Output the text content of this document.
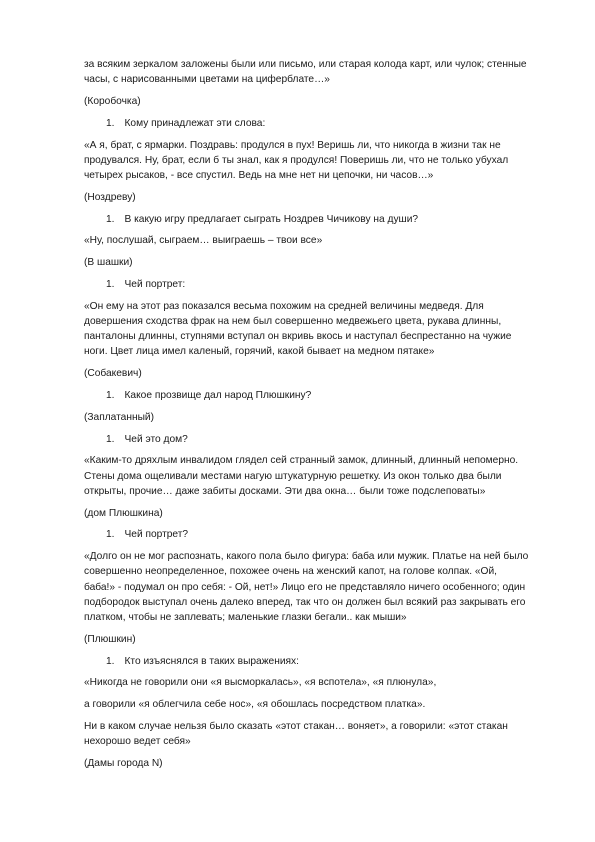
за всяким зеркалом заложены были или письмо, или старая колода карт, или чулок; стенные
часы, с нарисованными цветами на циферблате…»
(Коробочка)
1. Кому принадлежат эти слова:
«А я, брат, с ярмарки. Поздравь: продулся в пух! Веришь ли, что никогда в жизни так не
продувался. Ну, брат, если б ты знал, как я продулся! Поверишь ли, что не только убухал
четырех рысаков, - все спустил. Ведь на мне нет ни цепочки, ни часов…»
(Ноздреву)
1. В какую игру предлагает сыграть Ноздрев Чичикову на души?
«Ну, послушай, сыграем… выиграешь – твои все»
(В шашки)
1. Чей портрет:
«Он ему на этот раз показался весьма похожим на средней величины медведя. Для
довершения сходства фрак на нем был совершенно медвежьего цвета, рукава длинны,
панталоны длинны, ступнями вступал он вкривь вкось и наступал беспрестанно на чужие
ноги. Цвет лица имел каленый, горячий, какой бывает на медном пятаке»
(Собакевич)
1. Какое прозвище дал народ Плюшкину?
(Заплатанный)
1. Чей это дом?
«Каким-то дряхлым инвалидом глядел сей странный замок, длинный, длинный непомерно.
Стены дома ощеливали местами нагую штукатурную решетку. Из окон только два были
открыты, прочие… даже забиты досками. Эти два окна… были тоже подслеповаты»
(дом Плюшкина)
1. Чей портрет?
«Долго он не мог распознать, какого пола было фигура: баба или мужик. Платье на ней было
совершенно неопределенное, похожее очень на женский капот, на голове колпак. «Ой,
баба!» - подумал он про себя: - Ой, нет!» Лицо его не представляло ничего особенного; один
подбородок выступал очень далеко вперед, так что он должен был всякий раз закрывать его
платком, чтобы не заплевать; маленькие глазки бегали.. как мыши»
(Плюшкин)
1. Кто изъяснялся в таких выражениях:
«Никогда не говорили они «я высморкалась», «я вспотела», «я плюнула»,
а говорили «я облегчила себе нос», «я обошлась посредством платка».
Ни в каком случае нельзя было сказать «этот стакан… воняет», а говорили: «этот стакан
нехорошо ведет себя»
(Дамы города N)
